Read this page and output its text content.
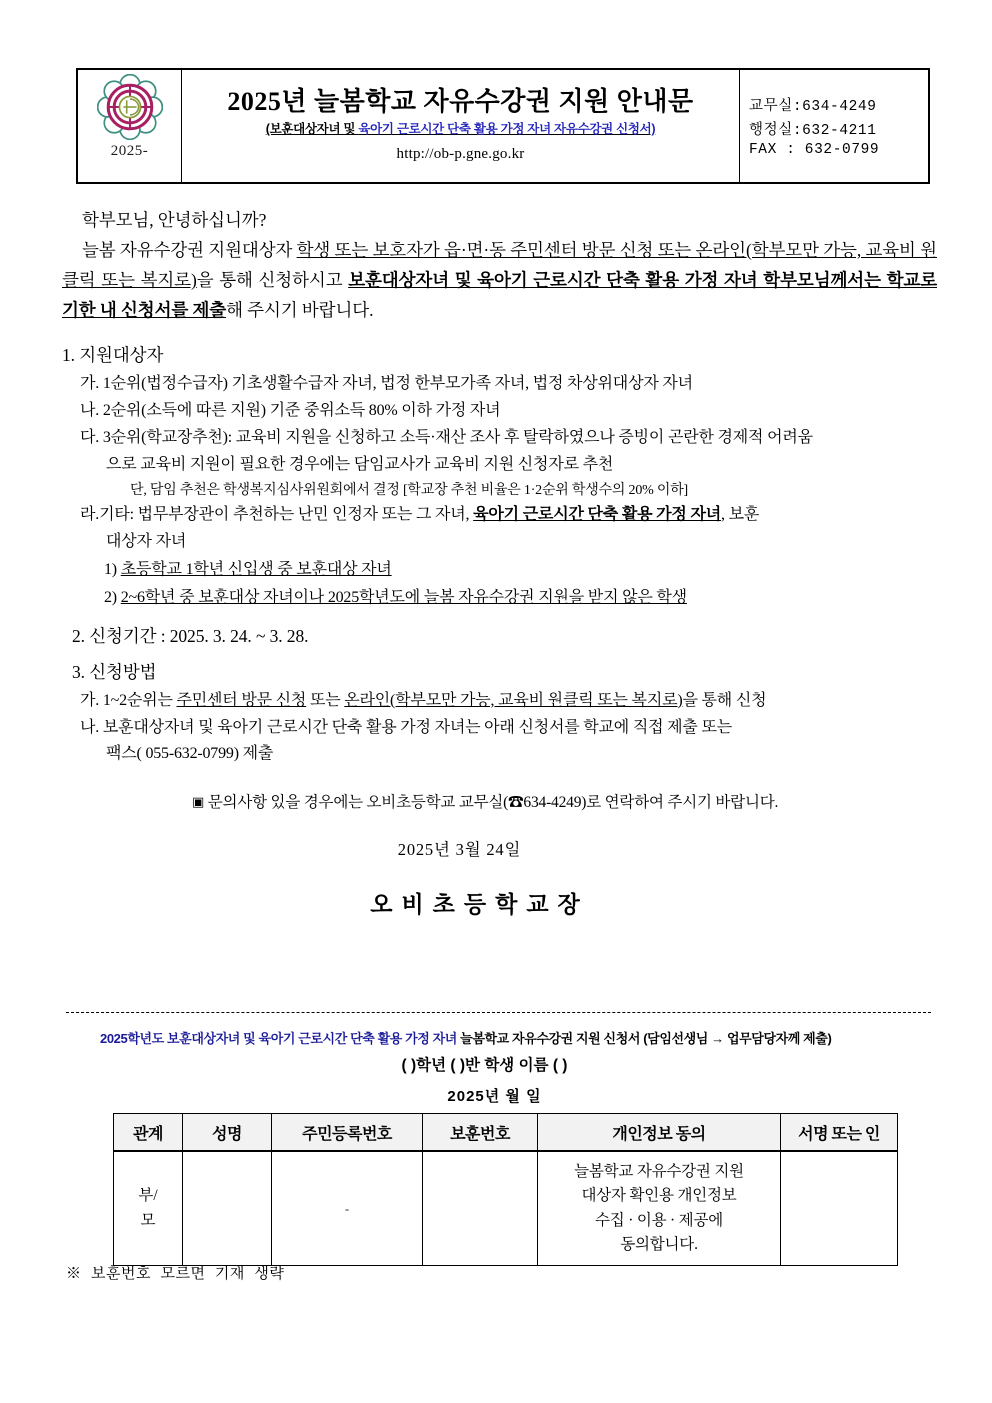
2025-
2025년 늘봄학교 자유수강권 지원 안내문
(보훈대상자녀 및 육아기 근로시간 단축 활용 가정 자녀 자유수강권 신청서)
http://ob-p.gne.go.kr
교무실:634-4249
행정실:632-4211
FAX : 632-0799
학부모님, 안녕하십니까?
늘봄 자유수강권 지원대상자 학생 또는 보호자가 읍·면·동 주민센터 방문 신청 또는 온라인(학부모만 가능, 교육비 원클릭 또는 복지로)을 통해 신청하시고 보훈대상자녀 및 육아기 근로시간 단축 활용 가정 자녀 학부모님께서는 학교로 기한 내 신청서를 제출해 주시기 바랍니다.
1. 지원대상자
가. 1순위(법정수급자) 기초생활수급자 자녀, 법정 한부모가족 자녀, 법정 차상위대상자 자녀
나. 2순위(소득에 따른 지원) 기준 중위소득 80% 이하 가정 자녀
다. 3순위(학교장추천): 교육비 지원을 신청하고 소득·재산 조사 후 탈락하였으나 증빙이 곤란한 경제적 어려움
으로 교육비 지원이 필요한 경우에는 담임교사가 교육비 지원 신청자로 추천
단, 담임 추천은 학생복지심사위원회에서 결정 [학교장 추천 비율은 1·2순위 학생수의 20% 이하]
라.기타: 법무부장관이 추천하는 난민 인정자 또는 그 자녀, 육아기 근로시간 단축 활용 가정 자녀, 보훈
대상자 자녀
1) 초등학교 1학년 신입생 중 보훈대상 자녀
2) 2~6학년 중 보훈대상 자녀이나 2025학년도에 늘봄 자유수강권 지원을 받지 않은 학생
2. 신청기간 : 2025. 3. 24. ~ 3. 28.
3. 신청방법
가. 1~2순위는 주민센터 방문 신청 또는 온라인(학부모만 가능, 교육비 원클릭 또는 복지로)을 통해 신청
나. 보훈대상자녀 및 육아기 근로시간 단축 활용 가정 자녀는 아래 신청서를 학교에 직접 제출 또는
팩스( 055-632-0799) 제출
▣ 문의사항 있을 경우에는 오비초등학교 교무실(☎634-4249)로 연락하여 주시기 바랍니다.
2025년 3월 24일
오비초등학교장
2025학년도 보훈대상자녀 및 육아기 근로시간 단축 활용 가정 자녀 늘봄학교 자유수강권 지원 신청서 (담임선생님 → 업무담당자께 제출)
( )학년 ( )반 학생 이름 ( )
2025년 월 일
관계	성명	주민등록번호	보훈번호	개인정보 동의	서명 또는 인
부/
모		-		늘봄학교 자유수강권 지원
대상자 확인용 개인정보
수집 · 이용 · 제공에
동의합니다.	
※ 보훈번호 모르면 기재 생략
